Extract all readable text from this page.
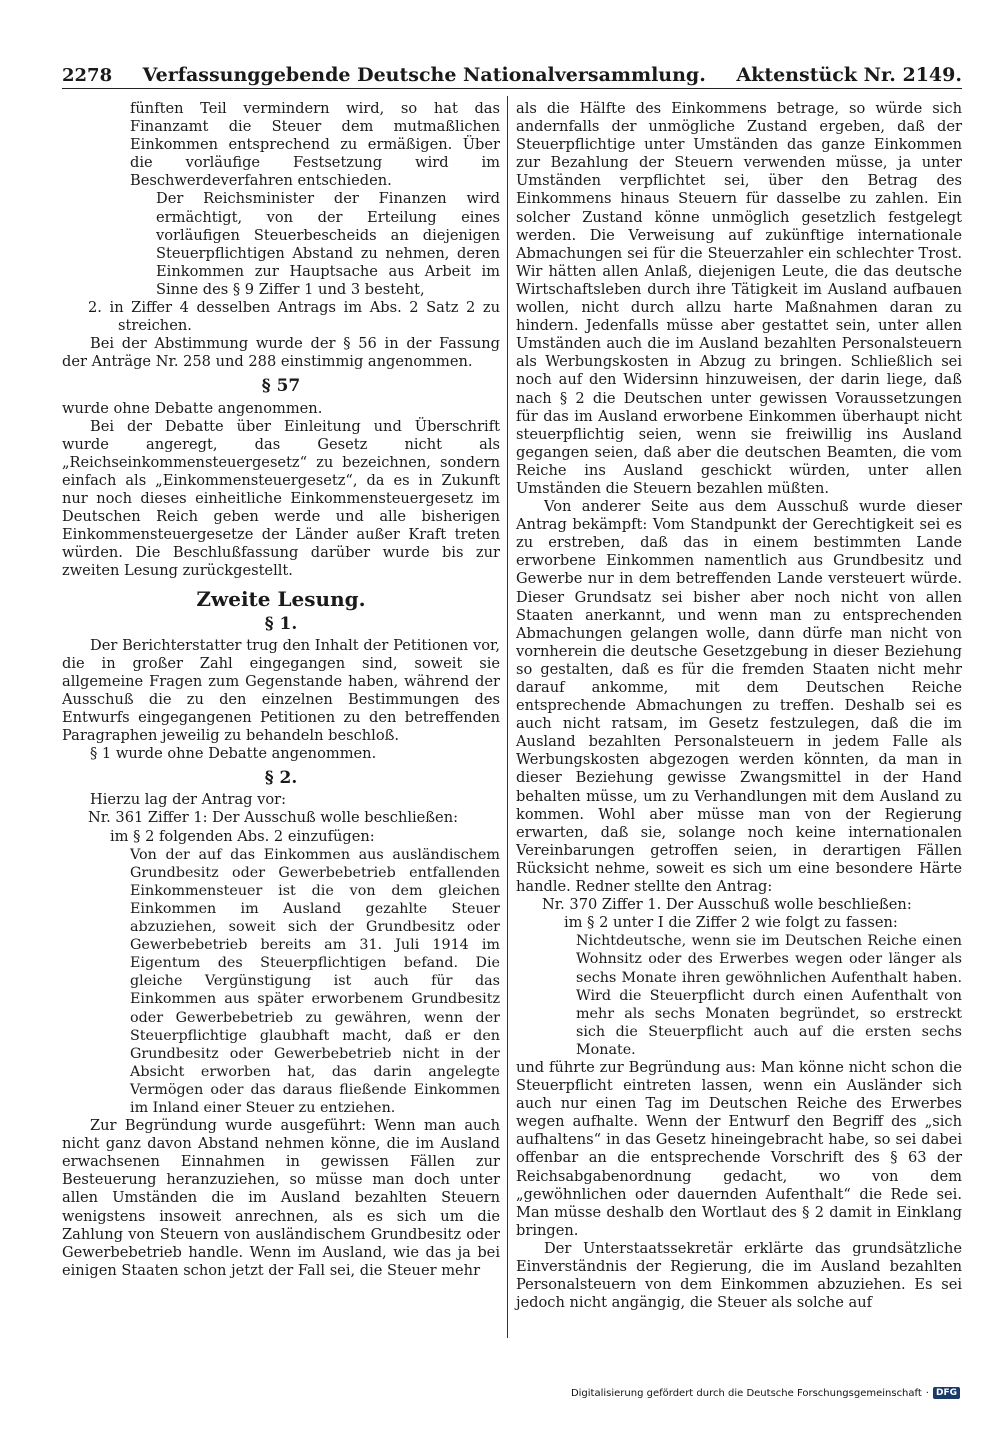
2278 Verfassunggebende Deutsche Nationalversammlung. Aktenstück Nr. 2149.

fünften Teil vermindern wird, so hat das Finanzamt die Steuer dem mutmaßlichen Einkommen entsprechend zu ermäßigen. Über die vorläufige Festsetzung wird im Beschwerdeverfahren entschieden.

Der Reichsminister der Finanzen wird ermächtigt, von der Erteilung eines vorläufigen Steuerbescheids an diejenigen Steuerpflichtigen Abstand zu nehmen, deren Einkommen zur Hauptsache aus Arbeit im Sinne des § 9 Ziffer 1 und 3 besteht,

2. in Ziffer 4 desselben Antrags im Abs. 2 Satz 2 zu streichen.

Bei der Abstimmung wurde der § 56 in der Fassung der Anträge Nr. 258 und 288 einstimmig angenommen.

§ 57

wurde ohne Debatte angenommen.

Bei der Debatte über Einleitung und Überschrift wurde angeregt, das Gesetz nicht als „Reichseinkommensteuergesetz“ zu bezeichnen, sondern einfach als „Einkommensteuergesetz“, da es in Zukunft nur noch dieses einheitliche Einkommensteuergesetz im Deutschen Reich geben werde und alle bisherigen Einkommensteuergesetze der Länder außer Kraft treten würden. Die Beschlußfassung darüber wurde bis zur zweiten Lesung zurückgestellt.

Zweite Lesung.
§ 1.

Der Berichterstatter trug den Inhalt der Petitionen vor, die in großer Zahl eingegangen sind, soweit sie allgemeine Fragen zum Gegenstande haben, während der Ausschuß die zu den einzelnen Bestimmungen des Entwurfs eingegangenen Petitionen zu den betreffenden Paragraphen jeweilig zu behandeln beschloß.

§ 1 wurde ohne Debatte angenommen.

§ 2.

Hierzu lag der Antrag vor:

Nr. 361 Ziffer 1: Der Ausschuß wolle beschließen:

im § 2 folgenden Abs. 2 einzufügen:

Von der auf das Einkommen aus ausländischem Grundbesitz oder Gewerbebetrieb entfallenden Einkommensteuer ist die von dem gleichen Einkommen im Ausland gezahlte Steuer abzuziehen, soweit sich der Grundbesitz oder Gewerbebetrieb bereits am 31. Juli 1914 im Eigentum des Steuerpflichtigen befand. Die gleiche Vergünstigung ist auch für das Einkommen aus später erworbenem Grundbesitz oder Gewerbebetrieb zu gewähren, wenn der Steuerpflichtige glaubhaft macht, daß er den Grundbesitz oder Gewerbebetrieb nicht in der Absicht erworben hat, das darin angelegte Vermögen oder das daraus fließende Einkommen im Inland einer Steuer zu entziehen.

Zur Begründung wurde ausgeführt: Wenn man auch nicht ganz davon Abstand nehmen könne, die im Ausland erwachsenen Einnahmen in gewissen Fällen zur Besteuerung heranzuziehen, so müsse man doch unter allen Umständen die im Ausland bezahlten Steuern wenigstens insoweit anrechnen, als es sich um die Zahlung von Steuern von ausländischem Grundbesitz oder Gewerbebetrieb handle. Wenn im Ausland, wie das ja bei einigen Staaten schon jetzt der Fall sei, die Steuer mehr

als die Hälfte des Einkommens betrage, so würde sich andernfalls der unmögliche Zustand ergeben, daß der Steuerpflichtige unter Umständen das ganze Einkommen zur Bezahlung der Steuern verwenden müsse, ja unter Umständen verpflichtet sei, über den Betrag des Einkommens hinaus Steuern für dasselbe zu zahlen. Ein solcher Zustand könne unmöglich gesetzlich festgelegt werden. Die Verweisung auf zukünftige internationale Abmachungen sei für die Steuerzahler ein schlechter Trost. Wir hätten allen Anlaß, diejenigen Leute, die das deutsche Wirtschaftsleben durch ihre Tätigkeit im Ausland aufbauen wollen, nicht durch allzu harte Maßnahmen daran zu hindern. Jedenfalls müsse aber gestattet sein, unter allen Umständen auch die im Ausland bezahlten Personalsteuern als Werbungskosten in Abzug zu bringen. Schließlich sei noch auf den Widersinn hinzuweisen, der darin liege, daß nach § 2 die Deutschen unter gewissen Voraussetzungen für das im Ausland erworbene Einkommen überhaupt nicht steuerpflichtig seien, wenn sie freiwillig ins Ausland gegangen seien, daß aber die deutschen Beamten, die vom Reiche ins Ausland geschickt würden, unter allen Umständen die Steuern bezahlen müßten.

Von anderer Seite aus dem Ausschuß wurde dieser Antrag bekämpft: Vom Standpunkt der Gerechtigkeit sei es zu erstreben, daß das in einem bestimmten Lande erworbene Einkommen namentlich aus Grundbesitz und Gewerbe nur in dem betreffenden Lande versteuert würde. Dieser Grundsatz sei bisher aber noch nicht von allen Staaten anerkannt, und wenn man zu entsprechenden Abmachungen gelangen wolle, dann dürfe man nicht von vornherein die deutsche Gesetzgebung in dieser Beziehung so gestalten, daß es für die fremden Staaten nicht mehr darauf ankomme, mit dem Deutschen Reiche entsprechende Abmachungen zu treffen. Deshalb sei es auch nicht ratsam, im Gesetz festzulegen, daß die im Ausland bezahlten Personalsteuern in jedem Falle als Werbungskosten abgezogen werden könnten, da man in dieser Beziehung gewisse Zwangsmittel in der Hand behalten müsse, um zu Verhandlungen mit dem Ausland zu kommen. Wohl aber müsse man von der Regierung erwarten, daß sie, solange noch keine internationalen Vereinbarungen getroffen seien, in derartigen Fällen Rücksicht nehme, soweit es sich um eine besondere Härte handle. Redner stellte den Antrag:

Nr. 370 Ziffer 1. Der Ausschuß wolle beschließen:

im § 2 unter I die Ziffer 2 wie folgt zu fassen:

Nichtdeutsche, wenn sie im Deutschen Reiche einen Wohnsitz oder des Erwerbes wegen oder länger als sechs Monate ihren gewöhnlichen Aufenthalt haben. Wird die Steuerpflicht durch einen Aufenthalt von mehr als sechs Monaten begründet, so erstreckt sich die Steuerpflicht auch auf die ersten sechs Monate.

und führte zur Begründung aus: Man könne nicht schon die Steuerpflicht eintreten lassen, wenn ein Ausländer sich auch nur einen Tag im Deutschen Reiche des Erwerbes wegen aufhalte. Wenn der Entwurf den Begriff des „sich aufhaltens“ in das Gesetz hineingebracht habe, so sei dabei offenbar an die entsprechende Vorschrift des § 63 der Reichsabgabenordnung gedacht, wo von dem „gewöhnlichen oder dauernden Aufenthalt“ die Rede sei. Man müsse deshalb den Wortlaut des § 2 damit in Einklang bringen.

Der Unterstaatssekretär erklärte das grundsätzliche Einverständnis der Regierung, die im Ausland bezahlten Personalsteuern von dem Einkommen abzuziehen. Es sei jedoch nicht angängig, die Steuer als solche auf

Digitalisierung gefördert durch die Deutsche Forschungsgemeinschaft · DFG
